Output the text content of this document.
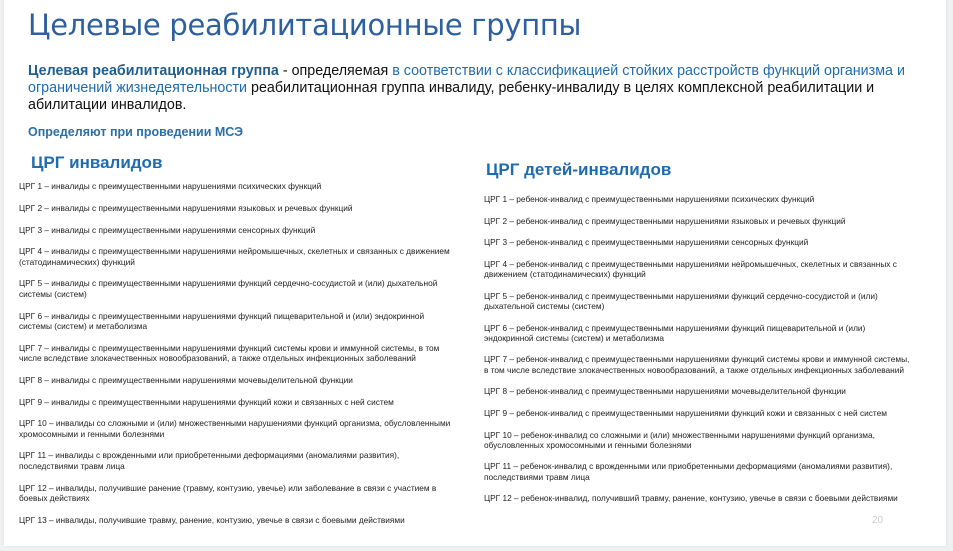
Целевые реабилитационные группы
Целевая реабилитационная группа - определяемая в соответствии с классификацией стойких расстройств функций организма и ограничений жизнедеятельности реабилитационная группа инвалиду, ребенку-инвалиду в целях комплексной реабилитации и абилитации инвалидов.
Определяют при проведении МСЭ
ЦРГ инвалидов
ЦРГ 1 – инвалиды с преимущественными нарушениями психических функций
ЦРГ 2 – инвалиды с преимущественными нарушениями языковых и речевых функций
ЦРГ 3 – инвалиды с преимущественными нарушениями сенсорных функций
ЦРГ 4 – инвалиды с преимущественными нарушениями нейромышечных, скелетных и связанных с движением (статодинамических) функций
ЦРГ 5 – инвалиды с преимущественными нарушениями функций сердечно-сосудистой и (или) дыхательной системы (систем)
ЦРГ 6 – инвалиды с преимущественными нарушениями функций пищеварительной и (или) эндокринной системы (систем) и метаболизма
ЦРГ 7 – инвалиды с преимущественными нарушениями функций системы крови и иммунной системы, в том числе вследствие злокачественных новообразований, а также отдельных инфекционных заболеваний
ЦРГ 8 – инвалиды с преимущественными нарушениями мочевыделительной функции
ЦРГ 9 – инвалиды с преимущественными нарушениями функций кожи и связанных с ней систем
ЦРГ 10 – инвалиды со сложными и (или) множественными нарушениями функций организма, обусловленными хромосомными и генными болезнями
ЦРГ 11 – инвалиды с врожденными или приобретенными деформациями (аномалиями развития), последствиями травм лица
ЦРГ 12 – инвалиды, получившие ранение (травму, контузию, увечье) или заболевание в связи с участием в боевых действиях
ЦРГ 13 – инвалиды, получившие травму, ранение, контузию, увечье в связи с боевыми действиями
ЦРГ детей-инвалидов
ЦРГ 1 – ребенок-инвалид с преимущественными нарушениями психических функций
ЦРГ 2 – ребенок-инвалид с преимущественными нарушениями языковых и речевых функций
ЦРГ 3 – ребенок-инвалид с преимущественными нарушениями сенсорных функций
ЦРГ 4 – ребенок-инвалид с преимущественными нарушениями нейромышечных, скелетных и связанных с движением (статодинамических) функций
ЦРГ 5 – ребенок-инвалид с преимущественными нарушениями функций сердечно-сосудистой и (или) дыхательной системы (систем)
ЦРГ 6 – ребенок-инвалид с преимущественными нарушениями функций пищеварительной и (или) эндокринной системы (систем) и метаболизма
ЦРГ 7 – ребенок-инвалид с преимущественными нарушениями функций системы крови и иммунной системы, в том числе вследствие злокачественных новообразований, а также отдельных инфекционных заболеваний
ЦРГ 8 – ребенок-инвалид с преимущественными нарушениями мочевыделительной функции
ЦРГ 9 – ребенок-инвалид с преимущественными нарушениями функций кожи и связанных с ней систем
ЦРГ 10 – ребенок-инвалид со сложными и (или) множественными нарушениями функций организма, обусловленных хромосомными и генными болезнями
ЦРГ 11 – ребенок-инвалид с врожденными или приобретенными деформациями (аномалиями развития), последствиями травм лица
ЦРГ 12 – ребенок-инвалид, получивший травму, ранение, контузию, увечье в связи с боевыми действиями
20
